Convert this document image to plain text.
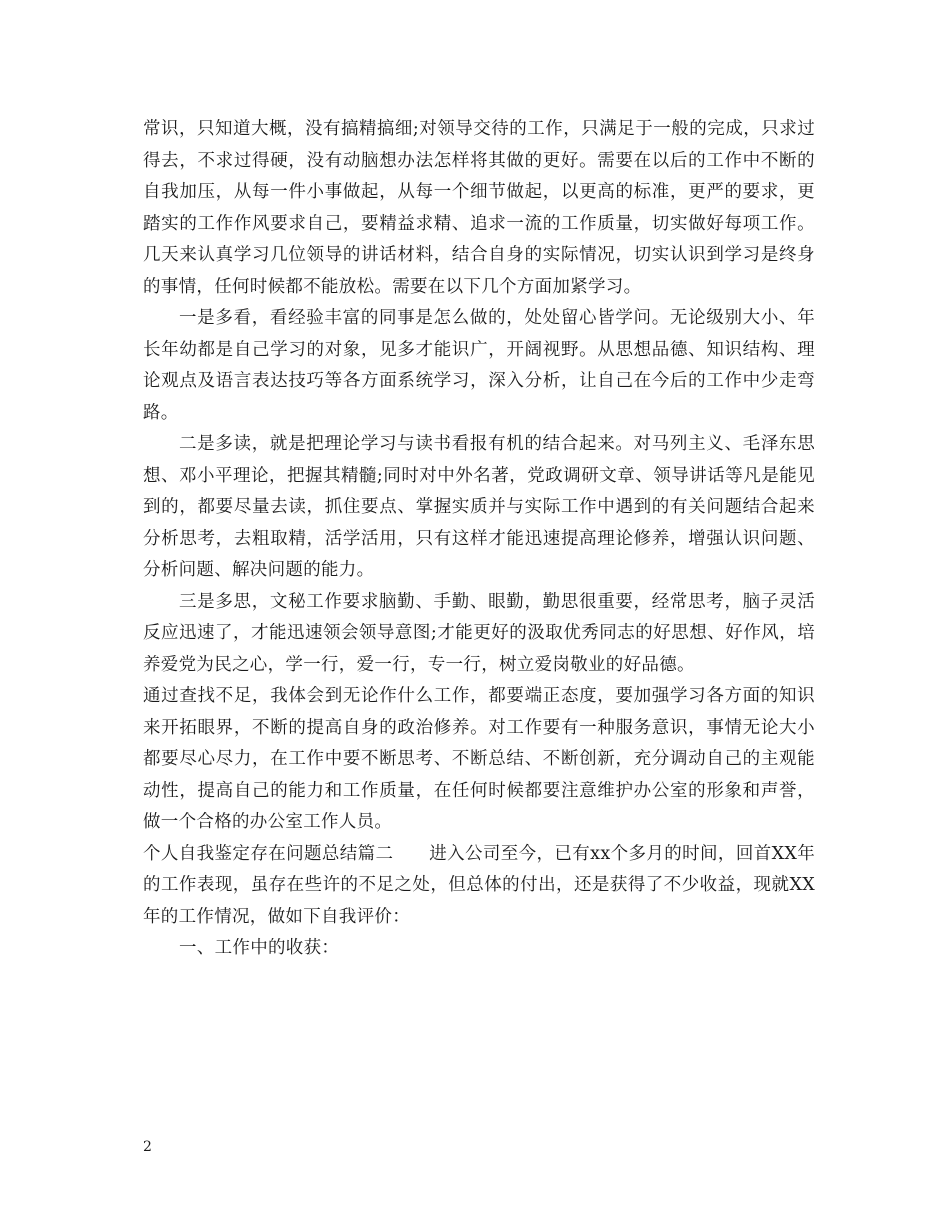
常识，只知道大概，没有搞精搞细;对领导交待的工作，只满足于一般的完成，只求过得去，不求过得硬，没有动脑想办法怎样将其做的更好。需要在以后的工作中不断的自我加压，从每一件小事做起，从每一个细节做起，以更高的标准，更严的要求，更踏实的工作作风要求自己，要精益求精、追求一流的工作质量，切实做好每项工作。几天来认真学习几位领导的讲话材料，结合自身的实际情况，切实认识到学习是终身的事情，任何时候都不能放松。需要在以下几个方面加紧学习。

一是多看，看经验丰富的同事是怎么做的，处处留心皆学问。无论级别大小、年长年幼都是自己学习的对象，见多才能识广，开阔视野。从思想品德、知识结构、理论观点及语言表达技巧等各方面系统学习，深入分析，让自己在今后的工作中少走弯路。

二是多读，就是把理论学习与读书看报有机的结合起来。对马列主义、毛泽东思想、邓小平理论，把握其精髓;同时对中外名著，党政调研文章、领导讲话等凡是能见到的，都要尽量去读，抓住要点、掌握实质并与实际工作中遇到的有关问题结合起来分析思考，去粗取精，活学活用，只有这样才能迅速提高理论修养，增强认识问题、分析问题、解决问题的能力。

三是多思，文秘工作要求脑勤、手勤、眼勤，勤思很重要，经常思考，脑子灵活反应迅速了，才能迅速领会领导意图;才能更好的汲取优秀同志的好思想、好作风，培养爱党为民之心，学一行，爱一行，专一行，树立爱岗敬业的好品德。

通过查找不足，我体会到无论作什么工作，都要端正态度，要加强学习各方面的知识来开拓眼界，不断的提高自身的政治修养。对工作要有一种服务意识，事情无论大小都要尽心尽力，在工作中要不断思考、不断总结、不断创新，充分调动自己的主观能动性，提高自己的能力和工作质量，在任何时候都要注意维护办公室的形象和声誉，做一个合格的办公室工作人员。

个人自我鉴定存在问题总结篇二　　进入公司至今，已有xx个多月的时间，回首XX年的工作表现，虽存在些许的不足之处，但总体的付出，还是获得了不少收益，现就XX年的工作情况，做如下自我评价：

一、工作中的收获：

2
